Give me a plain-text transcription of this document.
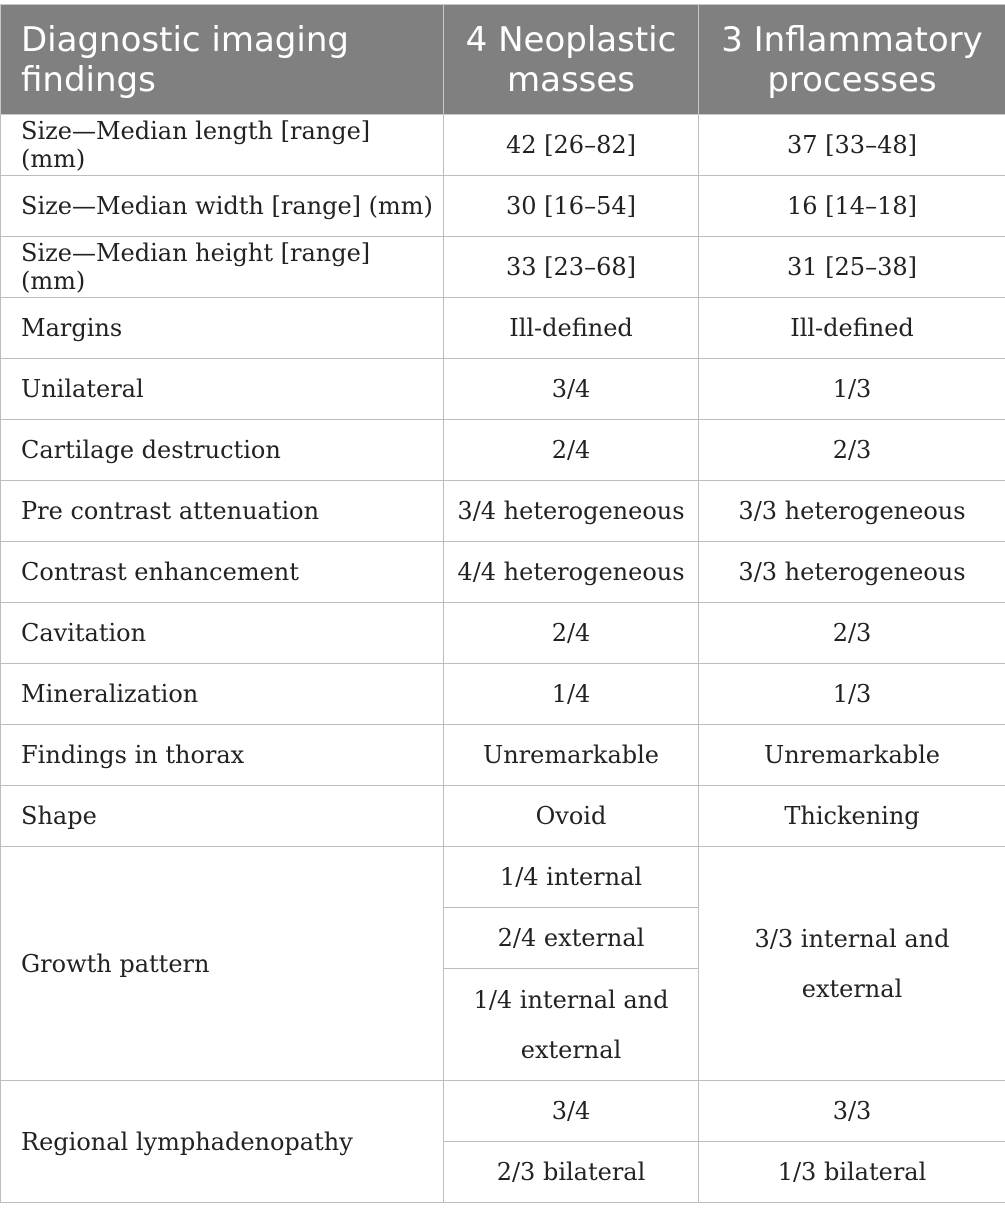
Diagnostic imaging findings	4 Neoplastic masses	3 Inflammatory processes
Size—Median length [range] (mm)	42 [26–82]	37 [33–48]
Size—Median width [range] (mm)	30 [16–54]	16 [14–18]
Size—Median height [range] (mm)	33 [23–68]	31 [25–38]
Margins	Ill-defined	Ill-defined
Unilateral	3/4	1/3
Cartilage destruction	2/4	2/3
Pre contrast attenuation	3/4 heterogeneous	3/3 heterogeneous
Contrast enhancement	4/4 heterogeneous	3/3 heterogeneous
Cavitation	2/4	2/3
Mineralization	1/4	1/3
Findings in thorax	Unremarkable	Unremarkable
Shape	Ovoid	Thickening
Growth pattern	1/4 internal	3/3 internal and external
	2/4 external	
	1/4 internal and external	
Regional lymphadenopathy	3/4	3/3
	2/3 bilateral	1/3 bilateral
